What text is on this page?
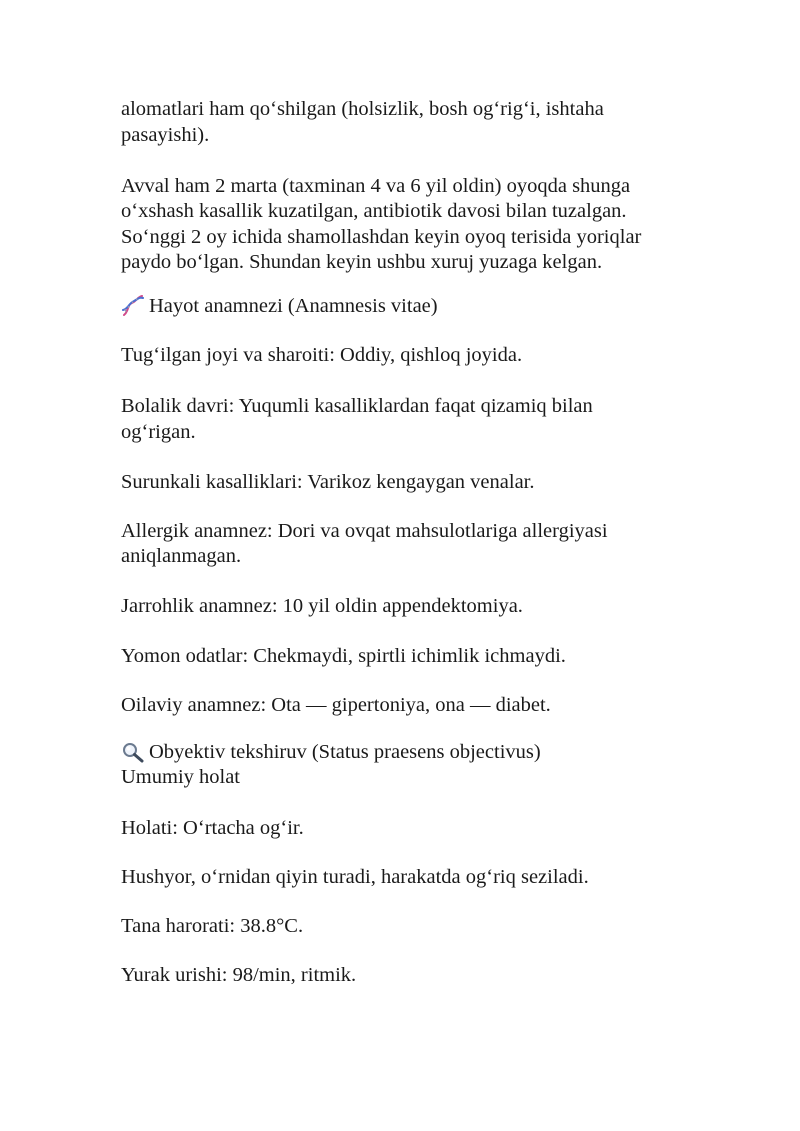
alomatlari ham qo‘shilgan (holsizlik, bosh og‘rig‘i, ishtaha

pasayishi).

Avval ham 2 marta (taxminan 4 va 6 yil oldin) oyoqda shunga

o‘xshash kasallik kuzatilgan, antibiotik davosi bilan tuzalgan.

So‘nggi 2 oy ichida shamollashdan keyin oyoq terisida yoriqlar

paydo bo‘lgan. Shundan keyin ushbu xuruj yuzaga kelgan.

Hayot anamnezi (Anamnesis vitae)

Tug‘ilgan joyi va sharoiti: Oddiy, qishloq joyida.

Bolalik davri: Yuqumli kasalliklardan faqat qizamiq bilan

og‘rigan.

Surunkali kasalliklari: Varikoz kengaygan venalar.

Allergik anamnez: Dori va ovqat mahsulotlariga allergiyasi

aniqlanmagan.

Jarrohlik anamnez: 10 yil oldin appendektomiya.

Yomon odatlar: Chekmaydi, spirtli ichimlik ichmaydi.

Oilaviy anamnez: Ota — gipertoniya, ona — diabet.

Obyektiv tekshiruv (Status praesens objectivus)

Umumiy holat

Holati: O‘rtacha og‘ir.

Hushyor, o‘rnidan qiyin turadi, harakatda og‘riq seziladi.

Tana harorati: 38.8°C.

Yurak urishi: 98/min, ritmik.
